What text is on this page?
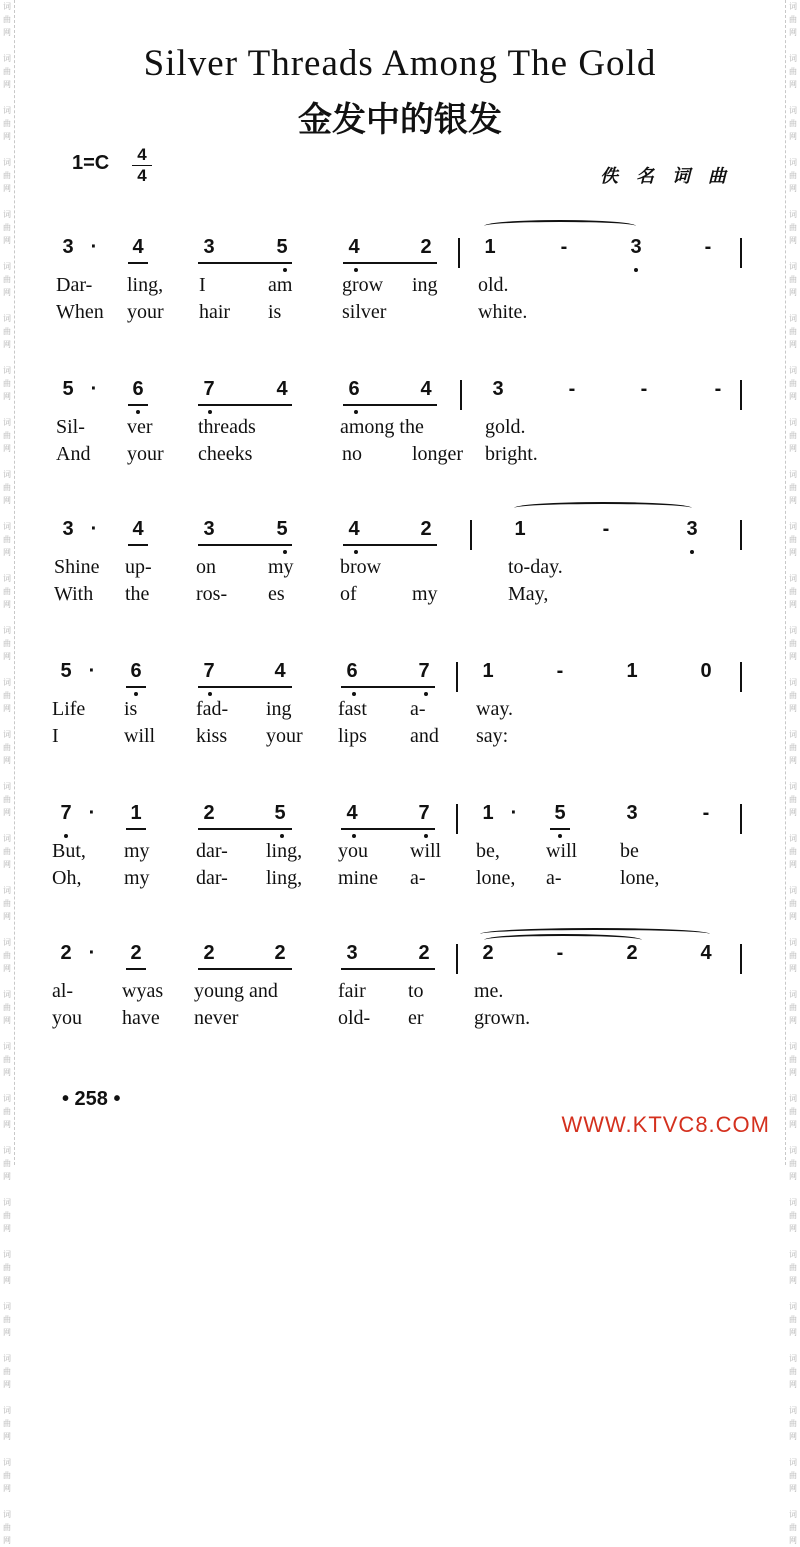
词
曲
网

词
曲
网

词
曲
网

词
曲
网

词
曲
网

词
曲
网

词
曲
网

词
曲
网

词
曲
网

词
曲
网

词
曲
网

词
曲
网

词
曲
网

词
曲
网

词
曲
网

词
曲
网

词
曲
网

词
曲
网

词
曲
网

词
曲
网

词
曲
网

词
曲
网

词
曲
网

词
曲
网

词
曲
网

词
曲
网

词
曲
网

词
曲
网

词
曲
网

词
曲
网

词
曲
网

词
曲
网

词
曲
网

词
曲
网

词
曲
网

词
曲
网

词
曲
网

词
曲
网

词
曲
网

词
曲
网

词
曲
网

词
曲
网

词
曲
网

词
曲
网

词
曲
网

词
曲
网

词
曲
网

词
曲
网

词
曲
网

词
曲
网

词
曲
网

词
曲
网

词
曲
网

词
曲
网

词
曲
网

词
曲
网

词
曲
网

词
曲
网

词
曲
网

词
曲
网

Silver Threads Among The Gold
金发中的银发
1=C	4
4	佚名词曲
3 ·	4	3	5	4	2	1	-	3	-
Dar- ling, I	am grow ing old.
When your hair is	silver	white.
5 ·	6	7	4	6	4	3	-	-	-
Sil- ver threads	among the	gold.
And your cheeks	no	longer bright.
3 ·	4	3	5	4	2	1	-	3
Shine up- on	my brow	to-day.
With the ros- es	of	my	May,
5 ·	6	7	4	6	7	1	-	1	0
Life is	fad- ing fast a-	way.
I	will kiss your lips and say:
7 ·	1	2	5	4	7	1 ·	5	3	-
But, my dar- ling, you will be, will be
Oh, my dar- ling, mine a-	lone, a-	lone,
2 ·	2	2	2	3	2	2	-	2	4
al- wyas young and	fair to	me.
you have never	old- er	grown.
• 258 •
WWW.KTVC8.COM
